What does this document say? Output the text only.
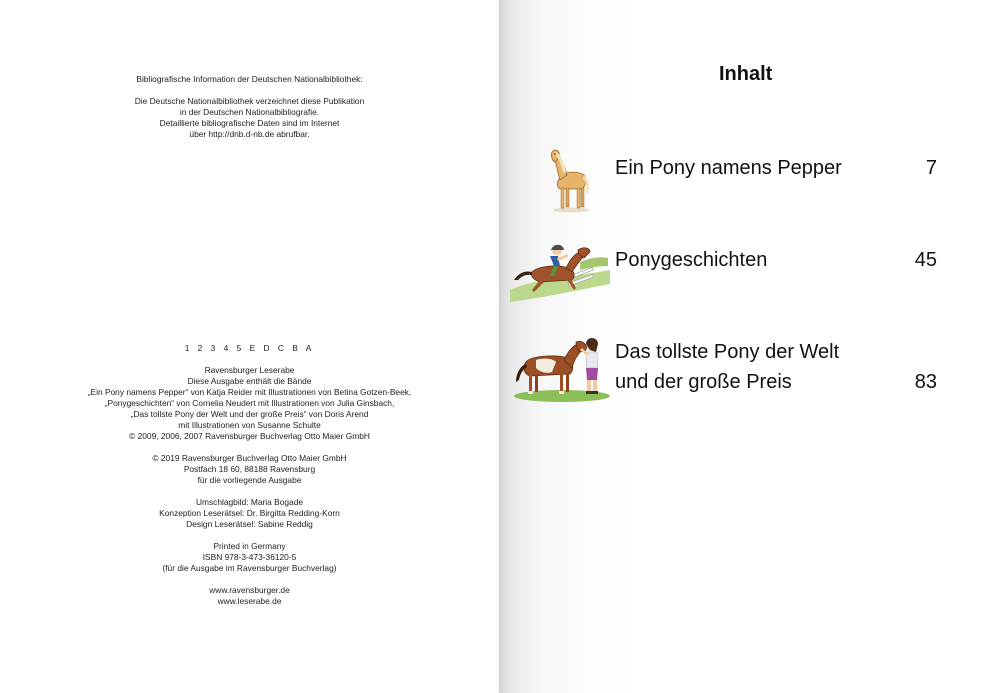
Bibliografische Information der Deutschen Nationalbibliothek:
Die Deutsche Nationalbibliothek verzeichnet diese Publikation
in der Deutschen Nationalbibliografie.
Detaillierte bibliografische Daten sind im Internet
über http://dnb.d-nb.de abrufbar.
1 2 3 4 5 E D C B A
Ravensburger Leserabe
Diese Ausgabe enthält die Bände
„Ein Pony namens Pepper“ von Katja Reider mit Illustrationen von Betina Gotzen-Beek,
„Ponygeschichten“ von Cornelia Neudert mit Illustrationen von Julia Ginsbach,
„Das tollste Pony der Welt und der große Preis“ von Doris Arend
mit Illustrationen von Susanne Schulte
© 2009, 2006, 2007 Ravensburger Buchverlag Otto Maier GmbH
© 2019 Ravensburger Buchverlag Otto Maier GmbH
Postfach 18 60, 88188 Ravensburg
für die vorliegende Ausgabe
Umschlagbild: Maria Bogade
Konzeption Leserätsel: Dr. Birgitta Redding-Korn
Design Leserätsel: Sabine Reddig
Printed in Germany
ISBN 978-3-473-36120-5
(für die Ausgabe im Ravensburger Buchverlag)
www.ravensburger.de
www.leserabe.de
Inhalt
Ein Pony namens Pepper	7
Ponygeschichten	45
Das tollste Pony der Welt
und der große Preis	83
